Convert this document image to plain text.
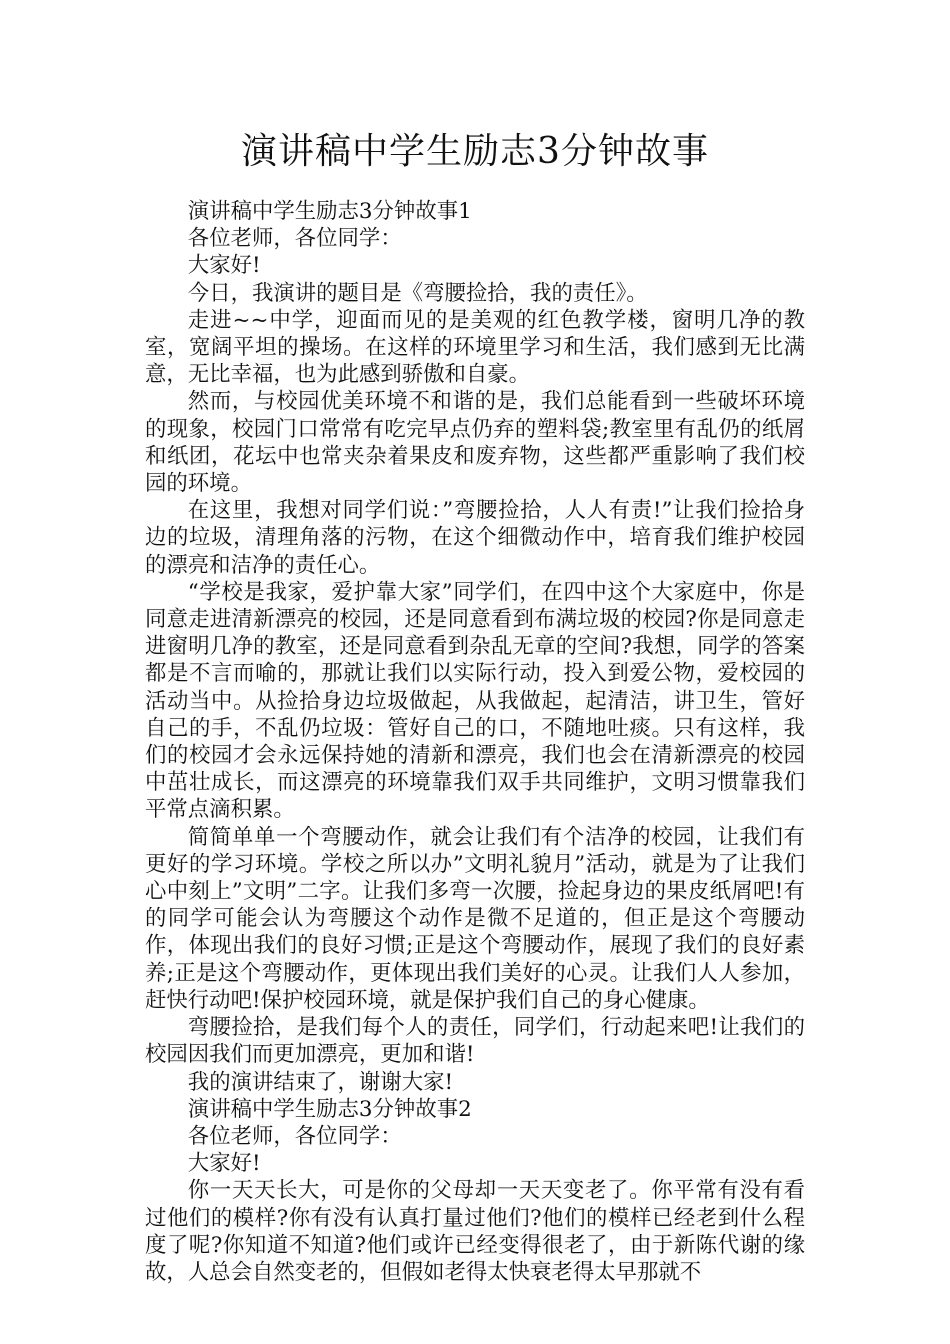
演讲稿中学生励志3分钟故事

演讲稿中学生励志3分钟故事1

各位老师，各位同学：

大家好!

今日，我演讲的题目是《弯腰捡拾，我的责任》。

走进~~中学，迎面而见的是美观的红色教学楼，窗明几净的教室，宽阔平坦的操场。在这样的环境里学习和生活，我们感到无比满意，无比幸福，也为此感到骄傲和自豪。

然而，与校园优美环境不和谐的是，我们总能看到一些破坏环境的现象，校园门口常常有吃完早点仍弃的塑料袋;教室里有乱仍的纸屑和纸团，花坛中也常夹杂着果皮和废弃物，这些都严重影响了我们校园的环境。

在这里，我想对同学们说：”弯腰捡拾，人人有责!”让我们捡拾身边的垃圾，清理角落的污物，在这个细微动作中，培育我们维护校园的漂亮和洁净的责任心。

“学校是我家，爱护靠大家”同学们，在四中这个大家庭中，你是同意走进清新漂亮的校园，还是同意看到布满垃圾的校园?你是同意走进窗明几净的教室，还是同意看到杂乱无章的空间?我想，同学的答案都是不言而喻的，那就让我们以实际行动，投入到爱公物，爱校园的活动当中。从捡拾身边垃圾做起，从我做起，起清洁，讲卫生，管好自己的手，不乱仍垃圾：管好自己的口，不随地吐痰。只有这样，我们的校园才会永远保持她的清新和漂亮，我们也会在清新漂亮的校园中茁壮成长，而这漂亮的环境靠我们双手共同维护，文明习惯靠我们平常点滴积累。

简简单单一个弯腰动作，就会让我们有个洁净的校园，让我们有更好的学习环境。学校之所以办”文明礼貌月”活动，就是为了让我们心中刻上”文明”二字。让我们多弯一次腰，捡起身边的果皮纸屑吧!有的同学可能会认为弯腰这个动作是微不足道的，但正是这个弯腰动作，体现出我们的良好习惯;正是这个弯腰动作，展现了我们的良好素养;正是这个弯腰动作，更体现出我们美好的心灵。让我们人人参加，赶快行动吧!保护校园环境，就是保护我们自己的身心健康。

弯腰捡拾，是我们每个人的责任，同学们，行动起来吧!让我们的校园因我们而更加漂亮，更加和谐!

我的演讲结束了，谢谢大家!

演讲稿中学生励志3分钟故事2

各位老师，各位同学：

大家好!

你一天天长大，可是你的父母却一天天变老了。你平常有没有看过他们的模样?你有没有认真打量过他们?他们的模样已经老到什么程度了呢?你知道不知道?他们或许已经变得很老了，由于新陈代谢的缘故，人总会自然变老的，但假如老得太快衰老得太早那就不
